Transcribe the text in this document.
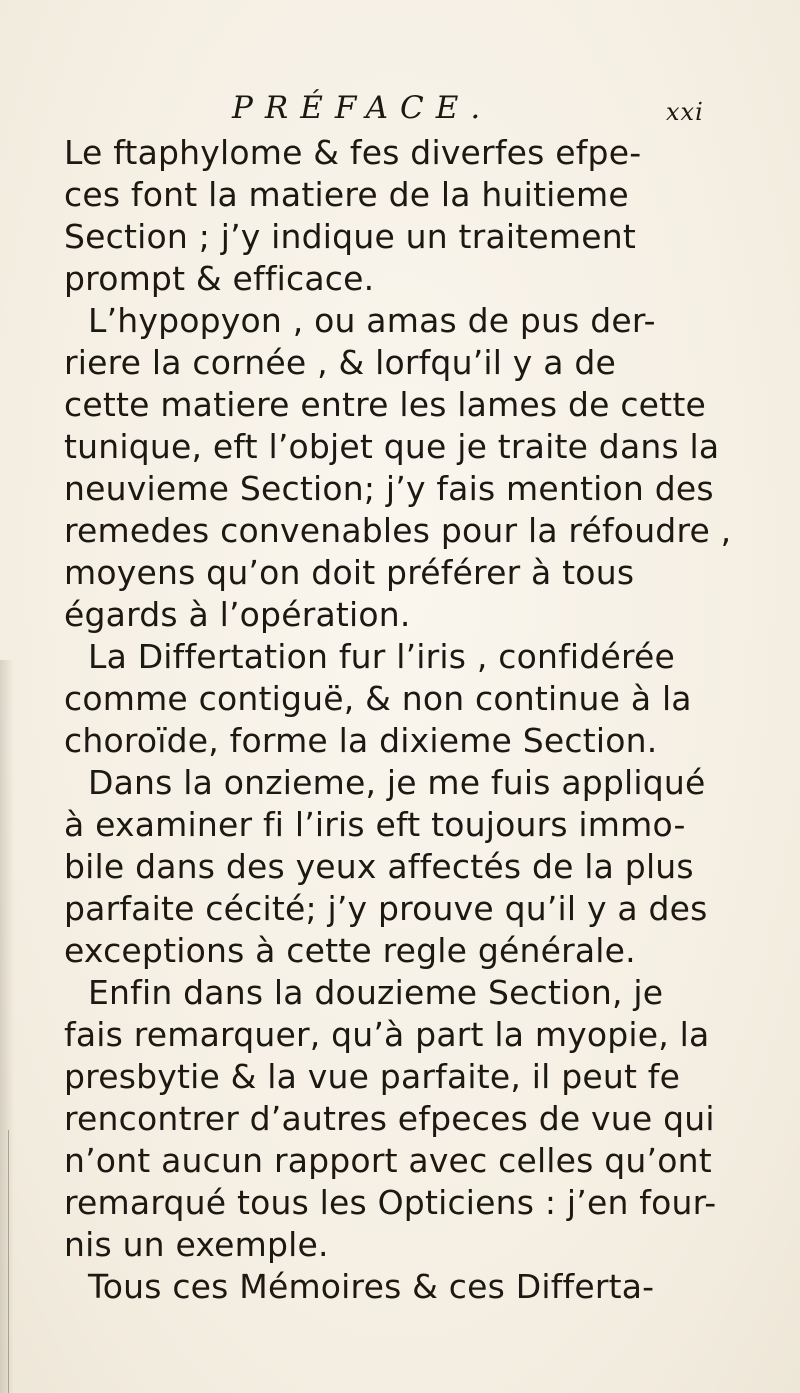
PRÉFACE.	xxi
Le ftaphylome & fes diverfes efpe-
ces font la matiere de la huitieme
Section ; j’y indique un traitement
prompt & efficace.
L’hypopyon , ou amas de pus der-
riere la cornée , & lorfqu’il y a de
cette matiere entre les lames de cette
tunique, eft l’objet que je traite dans la
neuvieme Section; j’y fais mention des
remedes convenables pour la réfoudre ,
moyens qu’on doit préférer à tous
égards à l’opération.
La Differtation fur l’iris , confidérée
comme contiguë, & non continue à la
choroïde, forme la dixieme Section.
Dans la onzieme, je me fuis appliqué
à examiner fi l’iris eft toujours immo-
bile dans des yeux affectés de la plus
parfaite cécité; j’y prouve qu’il y a des
exceptions à cette regle générale.
Enfin dans la douzieme Section, je
fais remarquer, qu’à part la myopie, la
presbytie & la vue parfaite, il peut fe
rencontrer d’autres efpeces de vue qui
n’ont aucun rapport avec celles qu’ont
remarqué tous les Opticiens : j’en four-
nis un exemple.
Tous ces Mémoires & ces Differta-
